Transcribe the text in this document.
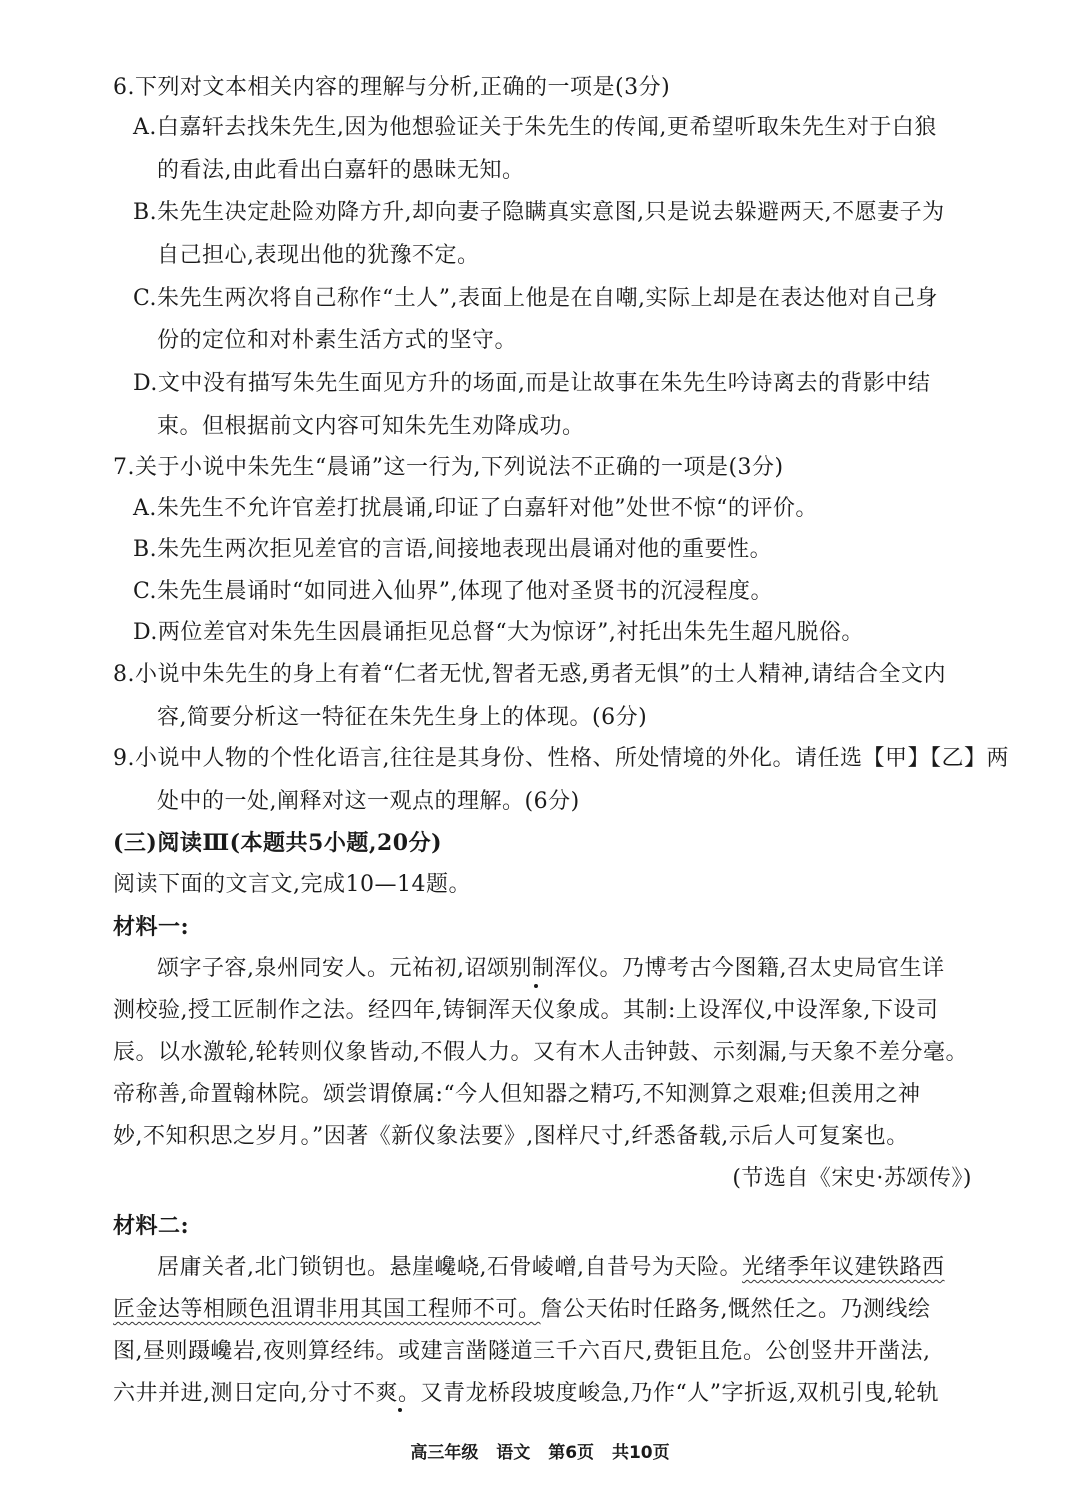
6.下列对文本相关内容的理解与分析,正确的一项是(3分)
A.白嘉轩去找朱先生,因为他想验证关于朱先生的传闻,更希望听取朱先生对于白狼
的看法,由此看出白嘉轩的愚昧无知。
B.朱先生决定赴险劝降方升,却向妻子隐瞒真实意图,只是说去躲避两天,不愿妻子为
自己担心,表现出他的犹豫不定。
C.朱先生两次将自己称作“土人”,表面上他是在自嘲,实际上却是在表达他对自己身
份的定位和对朴素生活方式的坚守。
D.文中没有描写朱先生面见方升的场面,而是让故事在朱先生吟诗离去的背影中结
束。但根据前文内容可知朱先生劝降成功。
7.关于小说中朱先生“晨诵”这一行为,下列说法不正确的一项是(3分)
A.朱先生不允许官差打扰晨诵,印证了白嘉轩对他”处世不惊“的评价。
B.朱先生两次拒见差官的言语,间接地表现出晨诵对他的重要性。
C.朱先生晨诵时“如同进入仙界”,体现了他对圣贤书的沉浸程度。
D.两位差官对朱先生因晨诵拒见总督“大为惊讶”,衬托出朱先生超凡脱俗。
8.小说中朱先生的身上有着“仁者无忧,智者无惑,勇者无惧”的士人精神,请结合全文内
容,简要分析这一特征在朱先生身上的体现。(6分)
9.小说中人物的个性化语言,往往是其身份、性格、所处情境的外化。请任选【甲】【乙】两
处中的一处,阐释对这一观点的理解。(6分)
(三)阅读Ⅲ(本题共5小题,20分)
阅读下面的文言文,完成10—14题。
材料一:
颂字子容,泉州同安人。元祐初,诏颂别制浑仪。乃博考古今图籍,召太史局官生详
测校验,授工匠制作之法。经四年,铸铜浑天仪象成。其制:上设浑仪,中设浑象,下设司
辰。以水激轮,轮转则仪象皆动,不假人力。又有木人击钟鼓、示刻漏,与天象不差分毫。
帝称善,命置翰林院。颂尝谓僚属:“今人但知器之精巧,不知测算之艰难;但羡用之神
妙,不知积思之岁月。”因著《新仪象法要》,图样尺寸,纤悉备载,示后人可复案也。
(节选自《宋史·苏颂传》)
材料二:
居庸关者,北门锁钥也。悬崖巉峣,石骨崚嶒,自昔号为天险。光绪季年议建铁路西
匠金达等相顾色沮谓非用其国工程师不可。詹公天佑时任路务,慨然任之。乃测线绘
图,昼则蹑巉岩,夜则算经纬。或建言凿隧道三千六百尺,费钜且危。公创竖井开凿法,
六井并进,测日定向,分寸不爽。又青龙桥段坡度峻急,乃作“人”字折返,双机引曳,轮轨
高三年级 语文 第6页 共10页
